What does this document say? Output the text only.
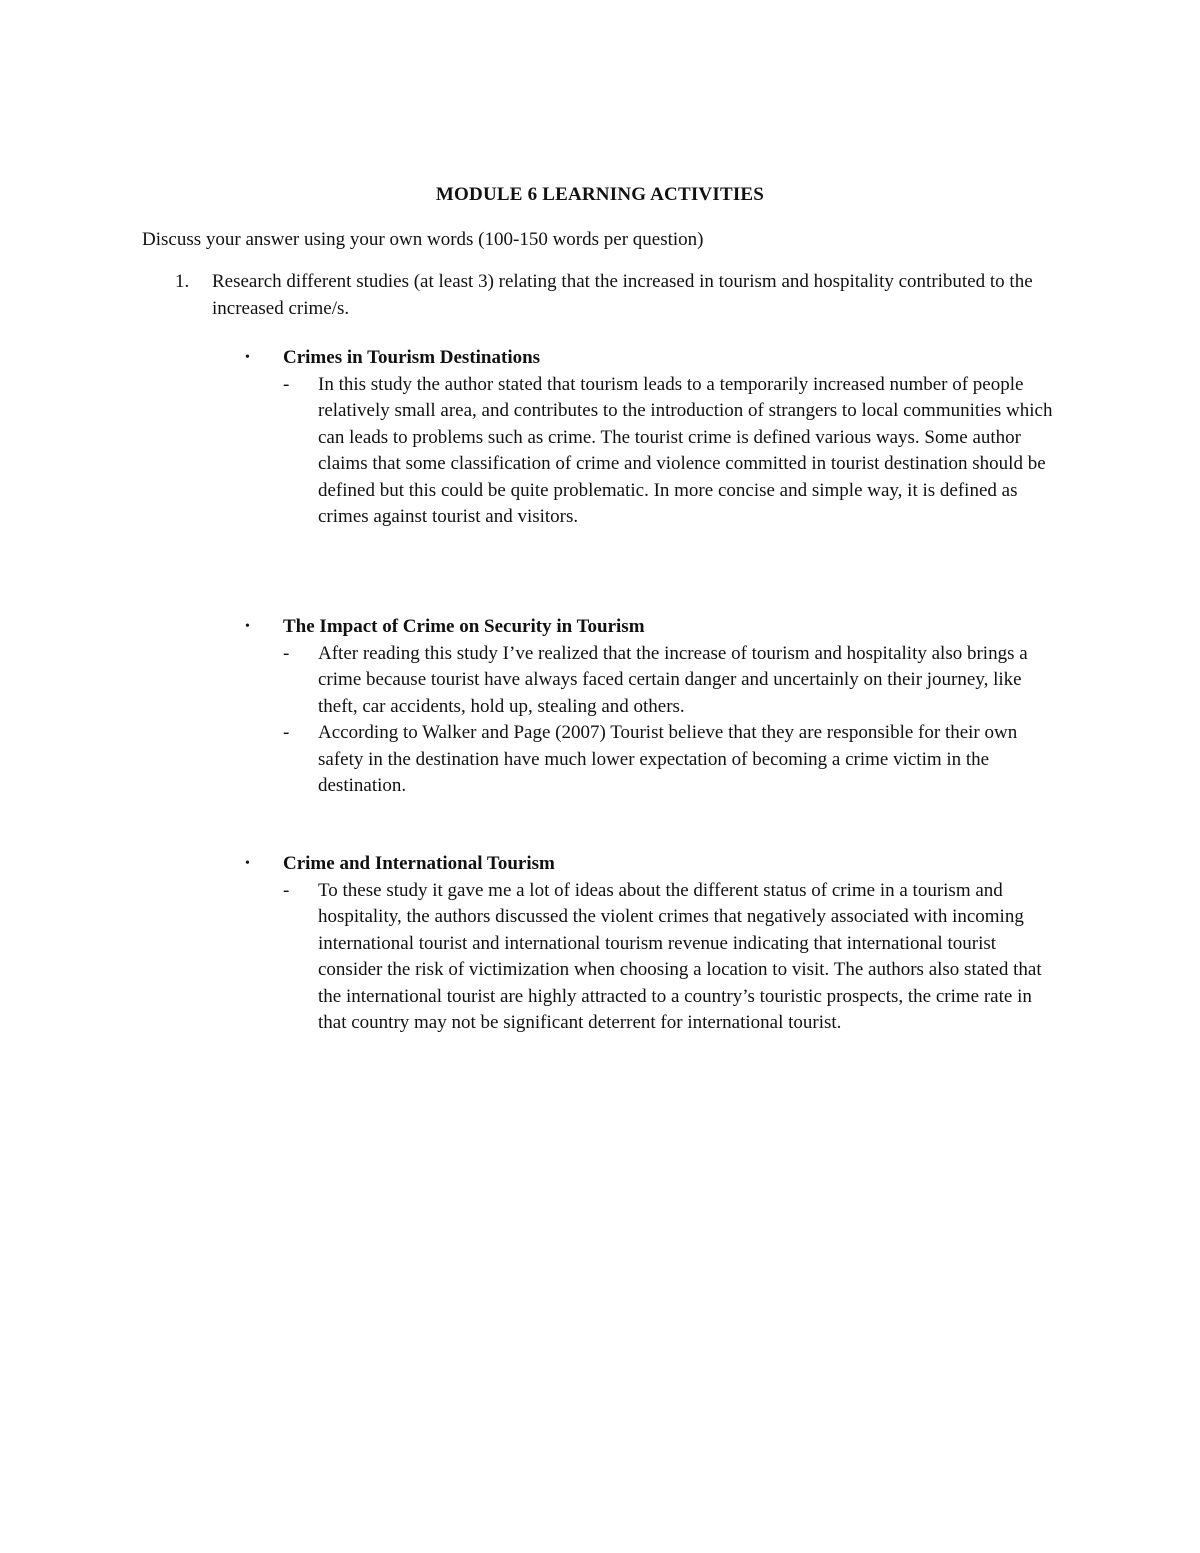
MODULE 6 LEARNING ACTIVITIES
Discuss your answer using your own words (100-150 words per question)
1. Research different studies (at least 3) relating that the increased in tourism and hospitality contributed to the increased crime/s.
• Crimes in Tourism Destinations
- In this study the author stated that tourism leads to a temporarily increased number of people relatively small area, and contributes to the introduction of strangers to local communities which can leads to problems such as crime. The tourist crime is defined various ways. Some author claims that some classification of crime and violence committed in tourist destination should be defined but this could be quite problematic. In more concise and simple way, it is defined as crimes against tourist and visitors.
• The Impact of Crime on Security in Tourism
- After reading this study I’ve realized that the increase of tourism and hospitality also brings a crime because tourist have always faced certain danger and uncertainly on their journey, like theft, car accidents, hold up, stealing and others.
- According to Walker and Page (2007) Tourist believe that they are responsible for their own safety in the destination have much lower expectation of becoming a crime victim in the destination.
• Crime and International Tourism
- To these study it gave me a lot of ideas about the different status of crime in a tourism and hospitality, the authors discussed the violent crimes that negatively associated with incoming international tourist and international tourism revenue indicating that international tourist consider the risk of victimization when choosing a location to visit. The authors also stated that the international tourist are highly attracted to a country’s touristic prospects, the crime rate in that country may not be significant deterrent for international tourist.
